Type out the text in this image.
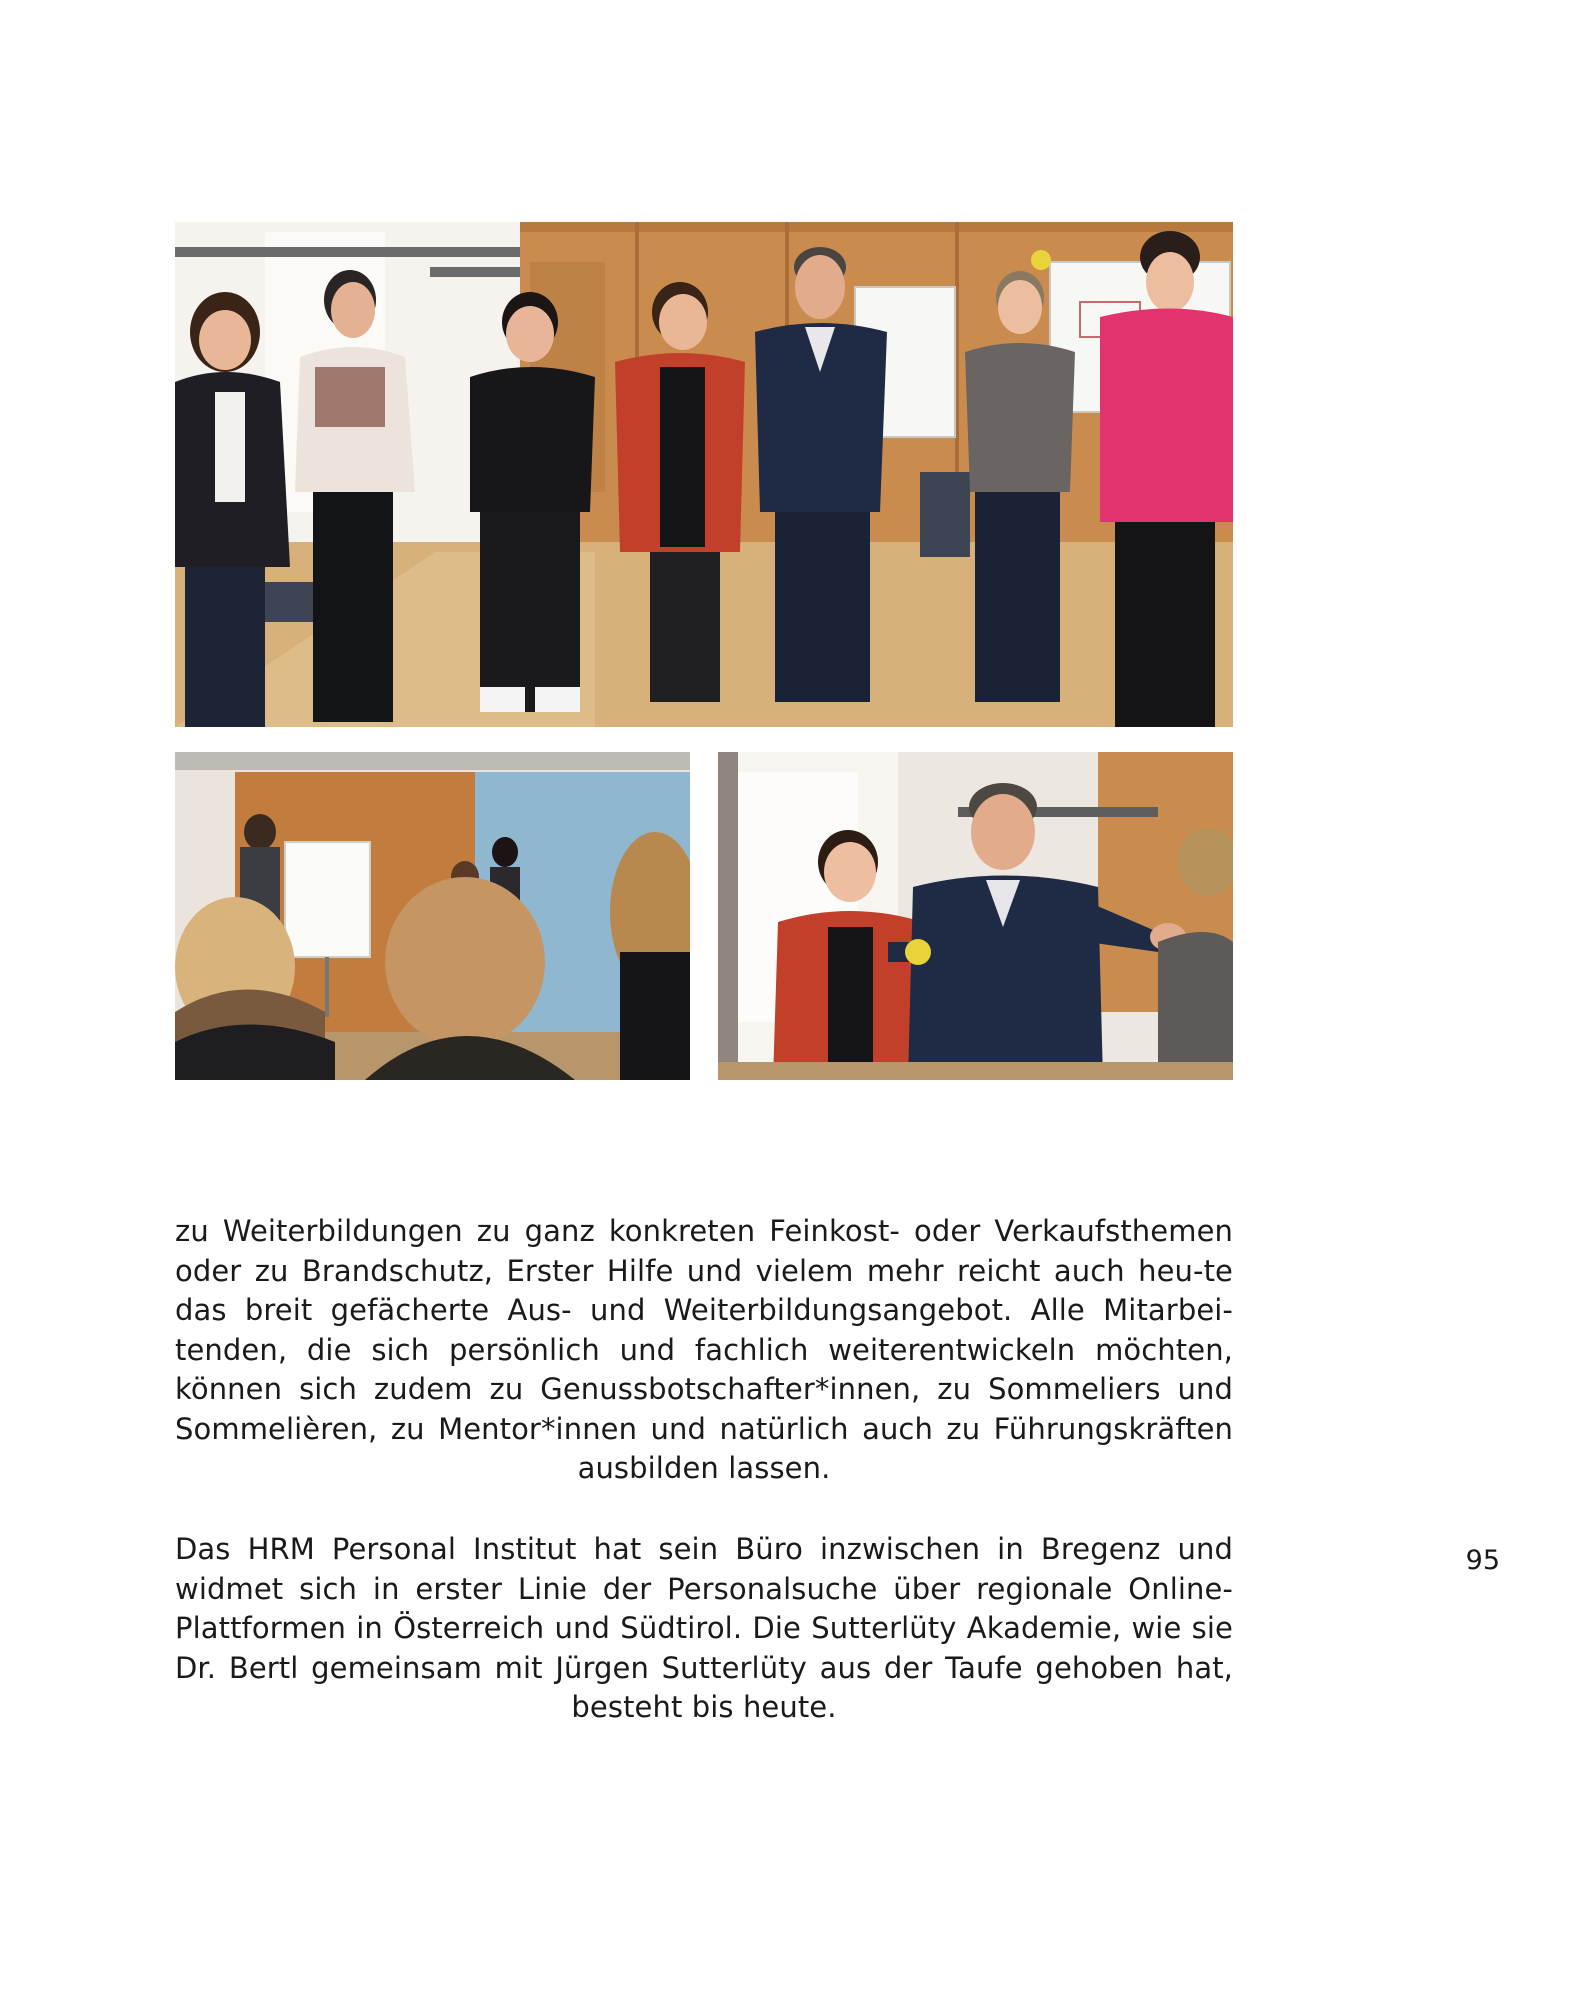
zu Weiterbildungen zu ganz konkreten Feinkost- oder Verkaufsthemen oder zu Brandschutz, Erster Hilfe und vielem mehr reicht auch heu-te das breit gefächerte Aus- und Weiterbildungsangebot. Alle Mitarbei-tenden, die sich persönlich und fachlich weiterentwickeln möchten, können sich zudem zu Genussbotschafter*innen, zu Sommeliers und Sommelièren, zu Mentor*innen und natürlich auch zu Führungskräften ausbilden lassen.

Das HRM Personal Institut hat sein Büro inzwischen in Bregenz und widmet sich in erster Linie der Personalsuche über regionale Online-Plattformen in Österreich und Südtirol. Die Sutterlüty Akademie, wie sie Dr. Bertl gemeinsam mit Jürgen Sutterlüty aus der Taufe gehoben hat, besteht bis heute.

95
